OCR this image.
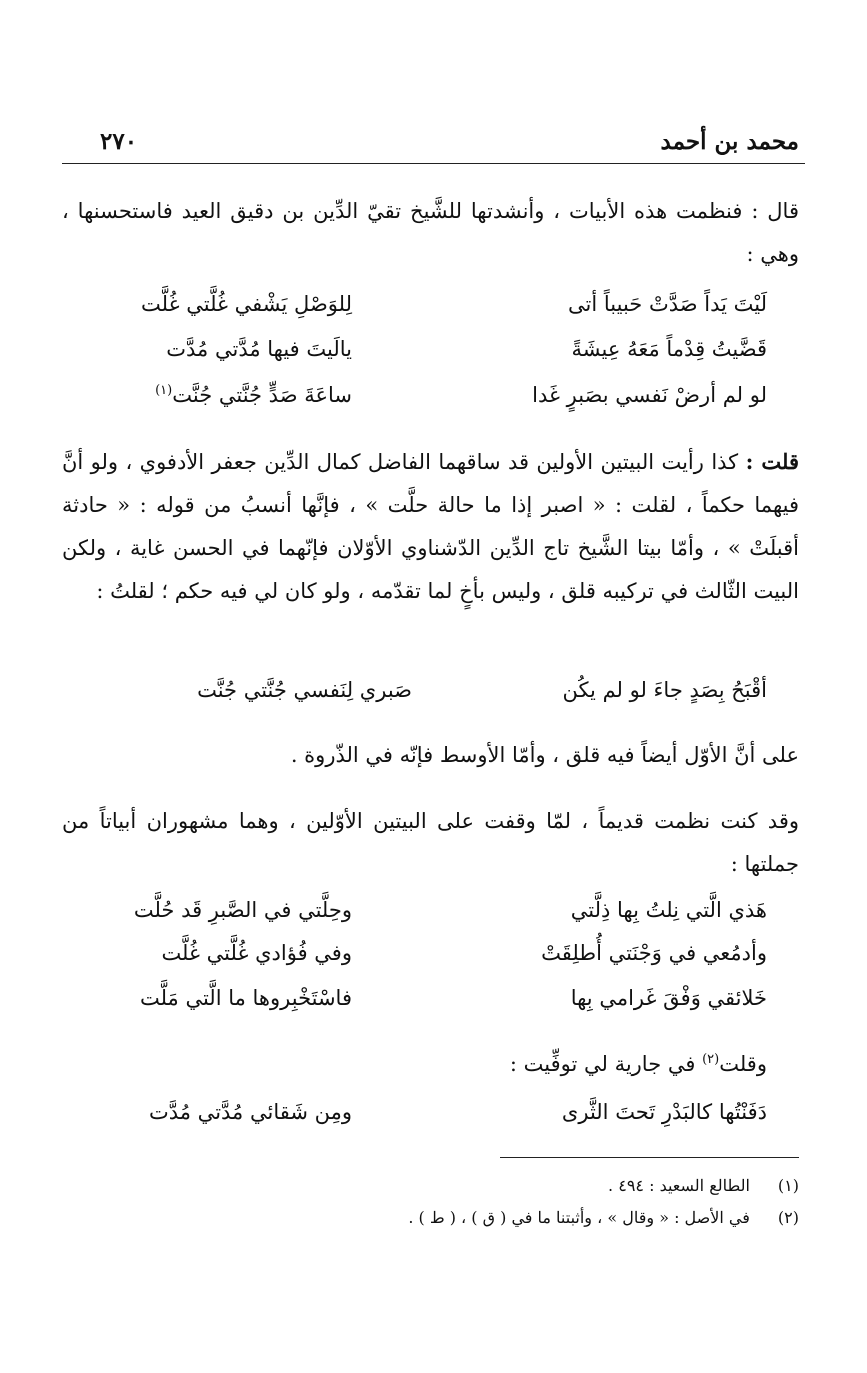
محمد بن أحمد
٢٧٠
قال : فنظمت هذه الأبيات ، وأنشدتها للشَّيخ تقيّ الدِّين بن دقيق العيد فاستحسنها ، وهي :
لَيْتَ يَداً صَدَّتْ حَبيباً أتى
لِلوَصْلِ يَشْفي غُلَّتي غُلَّت
قَضَّيتُ قِدْماً مَعَهُ عِيشَةً
يالَيتَ فيها مُدَّتي مُدَّت
لو لم أرضْ نَفسي بصَبرٍ غَدا
ساعَةَ صَدٍّ جُنَّتي جُنَّت$^{(١)}$
قلت : كذا رأيت البيتين الأولين قد ساقهما الفاضل كمال الدِّين جعفر الأدفوي ، ولو أنَّ فيهما حكماً ، لقلت : « اصبر إذا ما حالة حلَّت » ، فإنَّها أنسبُ من قوله : « حادثة أقبلَتْ » ، وأمّا بيتا الشَّيخ تاج الدِّين الدّشناوي الأوّلان فإنّهما في الحسن غاية ، ولكن البيت الثّالث في تركيبه قلق ، وليس بأخٍ لما تقدّمه ، ولو كان لي فيه حكم ؛ لقلتُ :
أقْبَحُ بِصَدٍ جاءَ لو لم يكُن
صَبري لِنَفسي جُنَّتي جُنَّت
على أنَّ الأوّل أيضاً فيه قلق ، وأمّا الأوسط فإنّه في الذّروة .
وقد كنت نظمت قديماً ، لمّا وقفت على البيتين الأوّلين ، وهما مشهوران أبياتاً من جملتها :
هَذي الَّتي نِلتُ بِها ذِلَّتي
وحِلَّتي في الصَّبرِ قَد حُلَّت
وأدمُعي في وَجْنَتي أُطلِقَتْ
وفي فُؤادي غُلَّتي غُلَّت
خَلائقي وَفْقَ غَرامي بِها
فاسْتَخْبِروها ما الَّتي مَلَّت
وقلت$^{(٢)}$ في جارية لي توفِّيت :
دَفَنْتُها كالبَدْرِ تَحتَ الثَّرى
ومِن شَقائي مُدَّتي مُدَّت
(١) الطالع السعيد : ٤٩٤ .
(٢) في الأصل : « وقال » ، وأثبتنا ما في ( ق ) ، ( ط ) .
